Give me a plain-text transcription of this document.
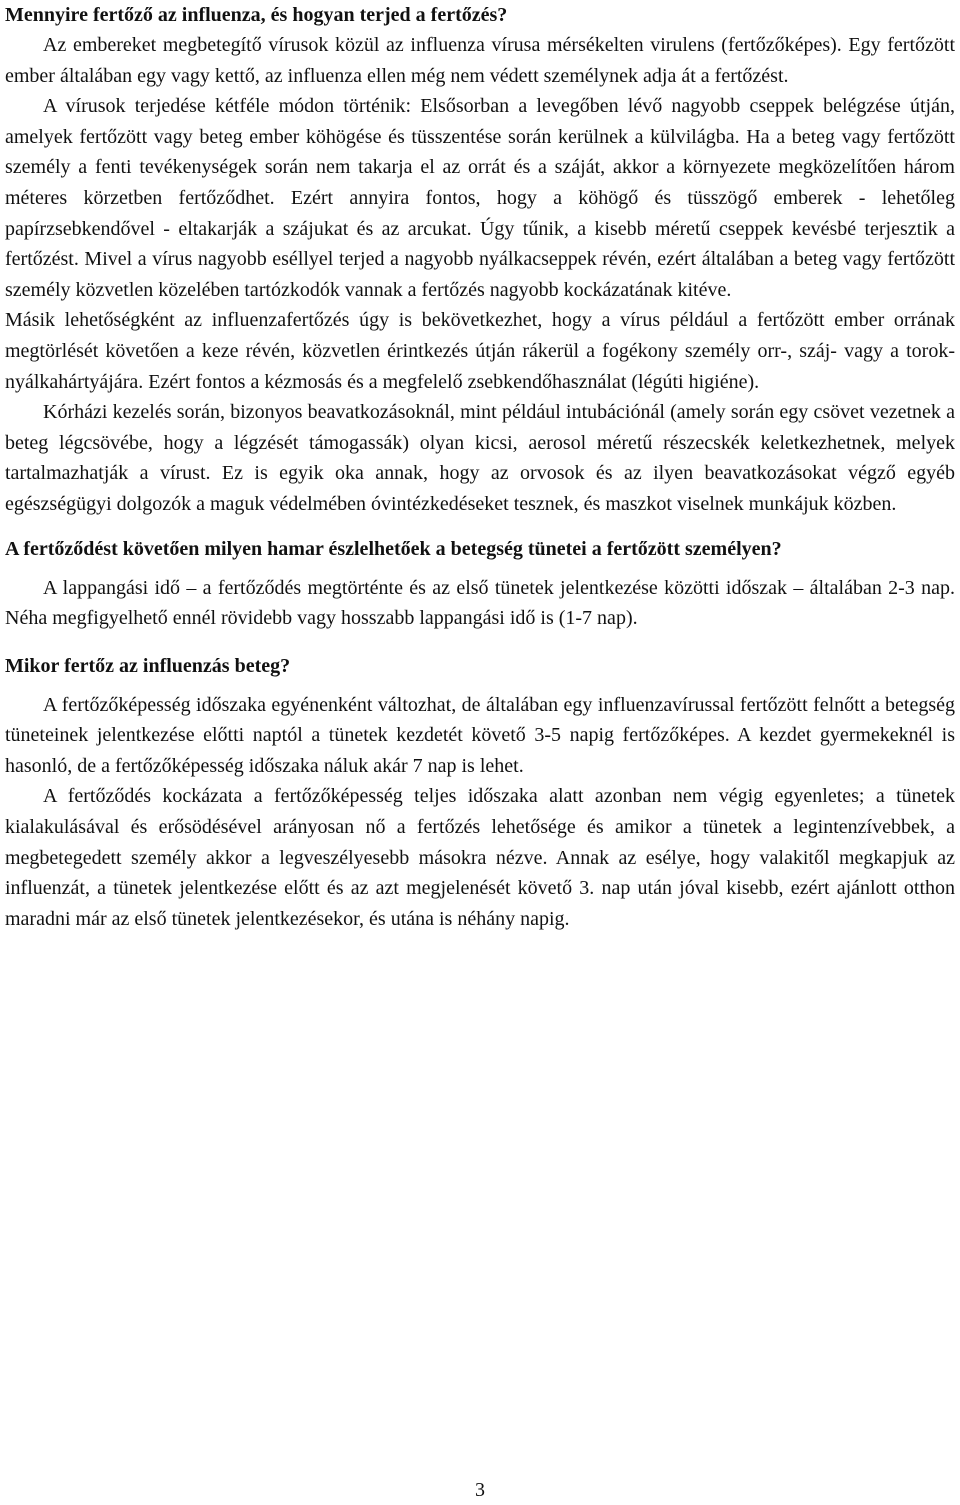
Mennyire fertőző az influenza, és hogyan terjed a fertőzés?

Az embereket megbetegítő vírusok közül az influenza vírusa mérsékelten virulens (fertőzőképes). Egy fertőzött ember általában egy vagy kettő, az influenza ellen még nem védett személynek adja át a fertőzést.

A vírusok terjedése kétféle módon történik: Elsősorban a levegőben lévő nagyobb cseppek belégzése útján, amelyek fertőzött vagy beteg ember köhögése és tüsszentése során kerülnek a külvilágba. Ha a beteg vagy fertőzött személy a fenti tevékenységek során nem takarja el az orrát és a száját, akkor a környezete megközelítően három méteres körzetben fertőződhet. Ezért annyira fontos, hogy a köhögő és tüsszögő emberek - lehetőleg papírzsebkendővel - eltakarják a szájukat és az arcukat. Úgy tűnik, a kisebb méretű cseppek kevésbé terjesztik a fertőzést. Mivel a vírus nagyobb eséllyel terjed a nagyobb nyálkacseppek révén, ezért általában a beteg vagy fertőzött személy közvetlen közelében tartózkodók vannak a fertőzés nagyobb kockázatának kitéve.

Másik lehetőségként az influenzafertőzés úgy is bekövetkezhet, hogy a vírus például a fertőzött ember orrának megtörlését követően a keze révén, közvetlen érintkezés útján rákerül a fogékony személy orr-, száj- vagy a torok-nyálkahártyájára. Ezért fontos a kézmosás és a megfelelő zsebkendőhasználat (légúti higiéne).

Kórházi kezelés során, bizonyos beavatkozásoknál, mint például intubációnál (amely során egy csövet vezetnek a beteg légcsövébe, hogy a légzését támogassák) olyan kicsi, aerosol méretű részecskék keletkezhetnek, melyek tartalmazhatják a vírust. Ez is egyik oka annak, hogy az orvosok és az ilyen beavatkozásokat végző egyéb egészségügyi dolgozók a maguk védelmében óvintézkedéseket tesznek, és maszkot viselnek munkájuk közben.

A fertőződést követően milyen hamar észlelhetőek a betegség tünetei a fertőzött személyen?

A lappangási idő – a fertőződés megtörténte és az első tünetek jelentkezése közötti időszak – általában 2-3 nap. Néha megfigyelhető ennél rövidebb vagy hosszabb lappangási idő is (1-7 nap).

Mikor fertőz az influenzás beteg?

A fertőzőképesség időszaka egyénenként változhat, de általában egy influenzavírussal fertőzött felnőtt a betegség tüneteinek jelentkezése előtti naptól a tünetek kezdetét követő 3-5 napig fertőzőképes. A kezdet gyermekeknél is hasonló, de a fertőzőképesség időszaka náluk akár 7 nap is lehet.

A fertőződés kockázata a fertőzőképesség teljes időszaka alatt azonban nem végig egyenletes; a tünetek kialakulásával és erősödésével arányosan nő a fertőzés lehetősége és amikor a tünetek a legintenzívebbek, a megbetegedett személy akkor a legveszélyesebb másokra nézve. Annak az esélye, hogy valakitől megkapjuk az influenzát, a tünetek jelentkezése előtt és az azt megjelenését követő 3. nap után jóval kisebb, ezért ajánlott otthon maradni már az első tünetek jelentkezésekor, és utána is néhány napig.

3
